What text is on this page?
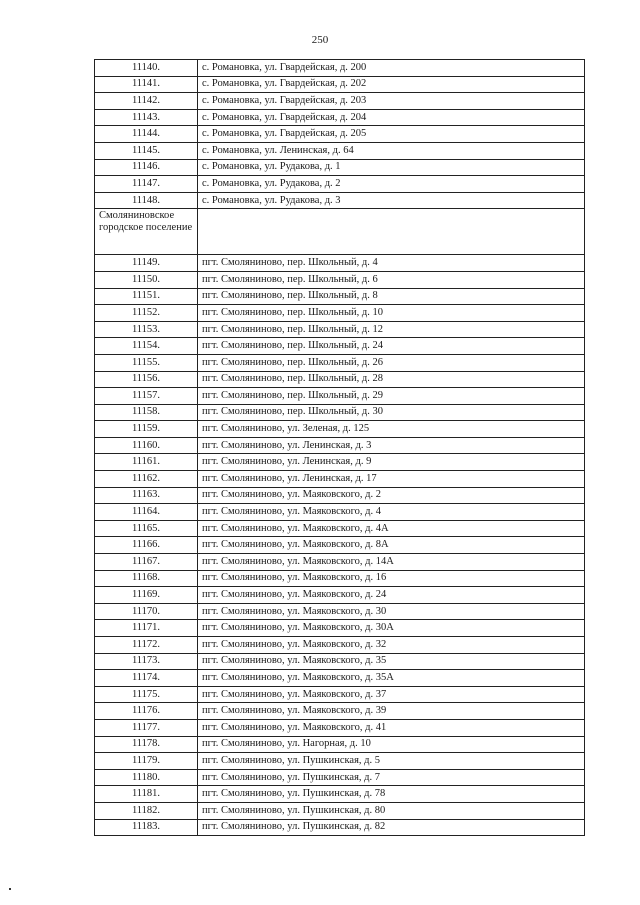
250
11140.	с. Романовка, ул. Гвардейская, д. 200
11141.	с. Романовка, ул. Гвардейская, д. 202
11142.	с. Романовка, ул. Гвардейская, д. 203
11143.	с. Романовка, ул. Гвардейская, д. 204
11144.	с. Романовка, ул. Гвардейская, д. 205
11145.	с. Романовка, ул. Ленинская, д. 64
11146.	с. Романовка, ул. Рудакова, д. 1
11147.	с. Романовка, ул. Рудакова, д. 2
11148.	с. Романовка, ул. Рудакова, д. 3
Смоляниновское городское поселение	
11149.	пгт. Смоляниново, пер. Школьный, д. 4
11150.	пгт. Смоляниново, пер. Школьный, д. 6
11151.	пгт. Смоляниново, пер. Школьный, д. 8
11152.	пгт. Смоляниново, пер. Школьный, д. 10
11153.	пгт. Смоляниново, пер. Школьный, д. 12
11154.	пгт. Смоляниново, пер. Школьный, д. 24
11155.	пгт. Смоляниново, пер. Школьный, д. 26
11156.	пгт. Смоляниново, пер. Школьный, д. 28
11157.	пгт. Смоляниново, пер. Школьный, д. 29
11158.	пгт. Смоляниново, пер. Школьный, д. 30
11159.	пгт. Смоляниново, ул. Зеленая, д. 125
11160.	пгт. Смоляниново, ул. Ленинская, д. 3
11161.	пгт. Смоляниново, ул. Ленинская, д. 9
11162.	пгт. Смоляниново, ул. Ленинская, д. 17
11163.	пгт. Смоляниново, ул. Маяковского, д. 2
11164.	пгт. Смоляниново, ул. Маяковского, д. 4
11165.	пгт. Смоляниново, ул. Маяковского, д. 4А
11166.	пгт. Смоляниново, ул. Маяковского, д. 8А
11167.	пгт. Смоляниново, ул. Маяковского, д. 14А
11168.	пгт. Смоляниново, ул. Маяковского, д. 16
11169.	пгт. Смоляниново, ул. Маяковского, д. 24
11170.	пгт. Смоляниново, ул. Маяковского, д. 30
11171.	пгт. Смоляниново, ул. Маяковского, д. 30А
11172.	пгт. Смоляниново, ул. Маяковского, д. 32
11173.	пгт. Смоляниново, ул. Маяковского, д. 35
11174.	пгт. Смоляниново, ул. Маяковского, д. 35А
11175.	пгт. Смоляниново, ул. Маяковского, д. 37
11176.	пгт. Смоляниново, ул. Маяковского, д. 39
11177.	пгт. Смоляниново, ул. Маяковского, д. 41
11178.	пгт. Смоляниново, ул. Нагорная, д. 10
11179.	пгт. Смоляниново, ул. Пушкинская, д. 5
11180.	пгт. Смоляниново, ул. Пушкинская, д. 7
11181.	пгт. Смоляниново, ул. Пушкинская, д. 78
11182.	пгт. Смоляниново, ул. Пушкинская, д. 80
11183.	пгт. Смоляниново, ул. Пушкинская, д. 82
